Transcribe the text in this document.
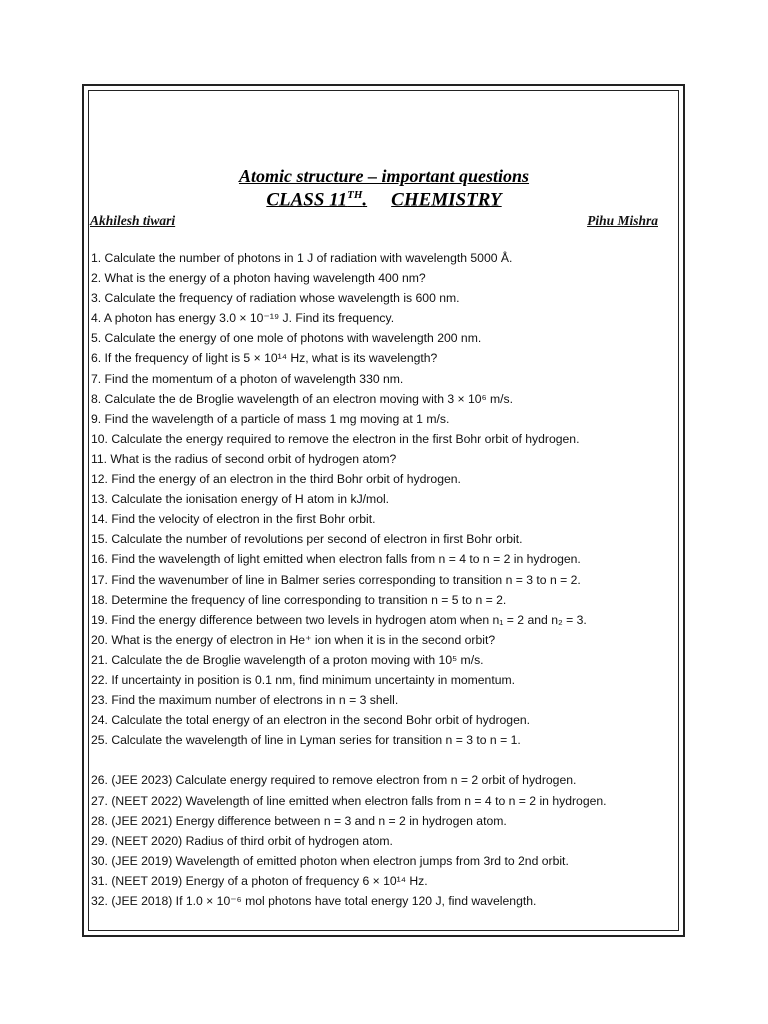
Atomic structure – important questions
CLASS 11TH. CHEMISTRY
Akhilesh tiwari	Pihu Mishra
1. Calculate the number of photons in 1 J of radiation with wavelength 5000 Å.
2. What is the energy of a photon having wavelength 400 nm?
3. Calculate the frequency of radiation whose wavelength is 600 nm.
4. A photon has energy 3.0 × 10⁻¹⁹ J. Find its frequency.
5. Calculate the energy of one mole of photons with wavelength 200 nm.
6. If the frequency of light is 5 × 10¹⁴ Hz, what is its wavelength?
7. Find the momentum of a photon of wavelength 330 nm.
8. Calculate the de Broglie wavelength of an electron moving with 3 × 10⁶ m/s.
9. Find the wavelength of a particle of mass 1 mg moving at 1 m/s.
10. Calculate the energy required to remove the electron in the first Bohr orbit of hydrogen.
11. What is the radius of second orbit of hydrogen atom?
12. Find the energy of an electron in the third Bohr orbit of hydrogen.
13. Calculate the ionisation energy of H atom in kJ/mol.
14. Find the velocity of electron in the first Bohr orbit.
15. Calculate the number of revolutions per second of electron in first Bohr orbit.
16. Find the wavelength of light emitted when electron falls from n = 4 to n = 2 in hydrogen.
17. Find the wavenumber of line in Balmer series corresponding to transition n = 3 to n = 2.
18. Determine the frequency of line corresponding to transition n = 5 to n = 2.
19. Find the energy difference between two levels in hydrogen atom when n₁ = 2 and n₂ = 3.
20. What is the energy of electron in He⁺ ion when it is in the second orbit?
21. Calculate the de Broglie wavelength of a proton moving with 10⁵ m/s.
22. If uncertainty in position is 0.1 nm, find minimum uncertainty in momentum.
23. Find the maximum number of electrons in n = 3 shell.
24. Calculate the total energy of an electron in the second Bohr orbit of hydrogen.
25. Calculate the wavelength of line in Lyman series for transition n = 3 to n = 1.
26. (JEE 2023) Calculate energy required to remove electron from n = 2 orbit of hydrogen.
27. (NEET 2022) Wavelength of line emitted when electron falls from n = 4 to n = 2 in hydrogen.
28. (JEE 2021) Energy difference between n = 3 and n = 2 in hydrogen atom.
29. (NEET 2020) Radius of third orbit of hydrogen atom.
30. (JEE 2019) Wavelength of emitted photon when electron jumps from 3rd to 2nd orbit.
31. (NEET 2019) Energy of a photon of frequency 6 × 10¹⁴ Hz.
32. (JEE 2018) If 1.0 × 10⁻⁶ mol photons have total energy 120 J, find wavelength.
